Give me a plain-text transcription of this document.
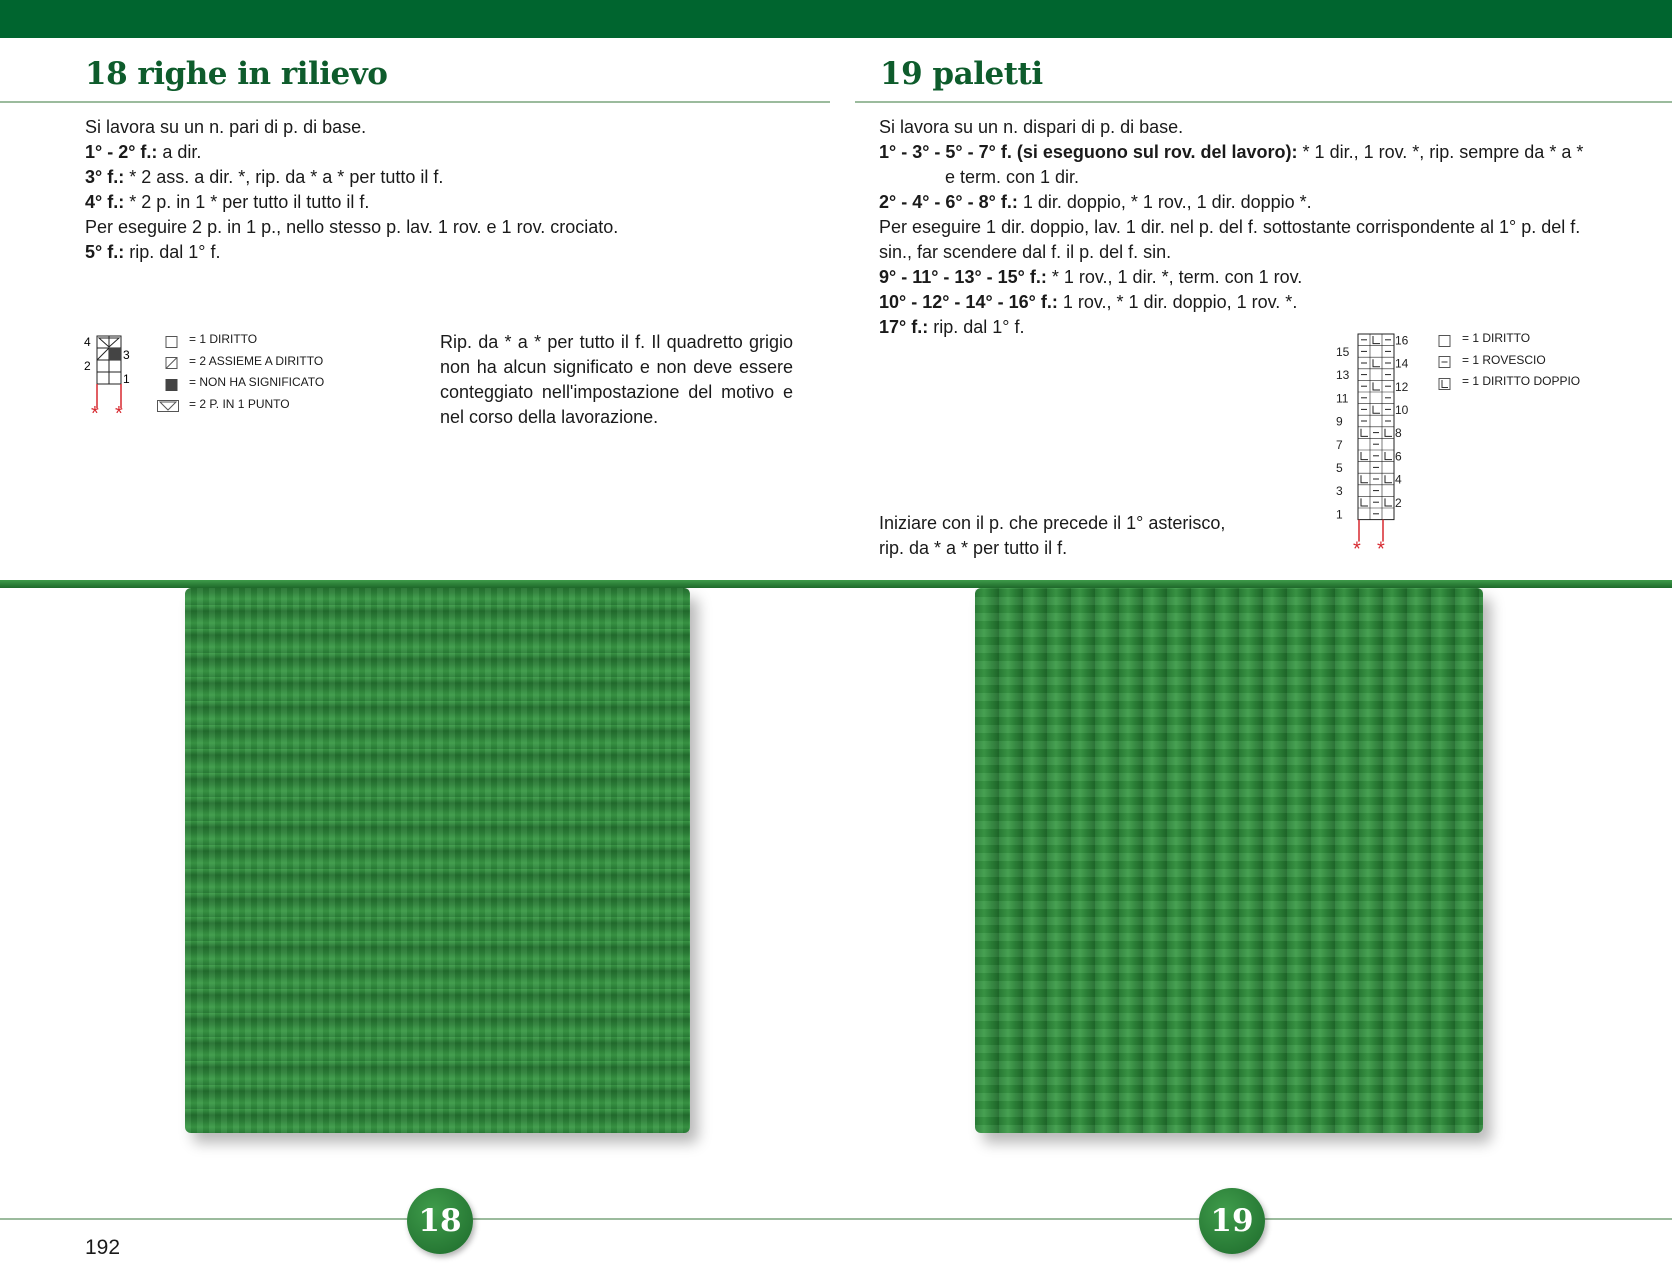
18 righe in rilievo

Si lavora su un n. pari di p. di base.

1° - 2° f.: a dir.

3° f.: * 2 ass. a dir. *, rip. da * a * per tutto il f.

4° f.: * 2 p. in 1 * per tutto il tutto il f.

Per eseguire 2 p. in 1 p., nello stesso p. lav. 1 rov. e 1 rov. crociato.

5° f.: rip. dal 1° f.

4
3
2
1
* *
= 1 DIRITTO
= 2 ASSIEME A DIRITTO
= NON HA SIGNIFICATO
= 2 P. IN 1 PUNTO
Rip. da * a * per tutto il f. Il quadretto grigio non ha alcun significato e non deve essere conteggiato nell'impostazione del motivo e nel corso della lavorazione.
19 paletti

Si lavora su un n. dispari di p. di base.

1° - 3° - 5° - 7° f. (si eseguono sul rov. del lavoro): * 1 dir., 1 rov. *, rip. sempre da * a *

e term. con 1 dir.

2° - 4° - 6° - 8° f.: 1 dir. doppio, * 1 rov., 1 dir. doppio *.

Per eseguire 1 dir. doppio, lav. 1 dir. nel p. del f. sottostante corrispondente al 1° p. del f. sin., far scendere dal f. il p. del f. sin.

9° - 11° - 13° - 15° f.: * 1 rov., 1 dir. *, term. con 1 rov.

10° - 12° - 14° - 16° f.: 1 rov., * 1 dir. doppio, 1 rov. *.

17° f.: rip. dal 1° f.

15
13
11
9
7
5
3
1
16
14
12
10
8
6
4
2
* *
= 1 DIRITTO
= 1 ROVESCIO
= 1 DIRITTO DOPPIO

Iniziare con il p. che precede il 1° asterisco,

rip. da * a * per tutto il f.

18	19
192
